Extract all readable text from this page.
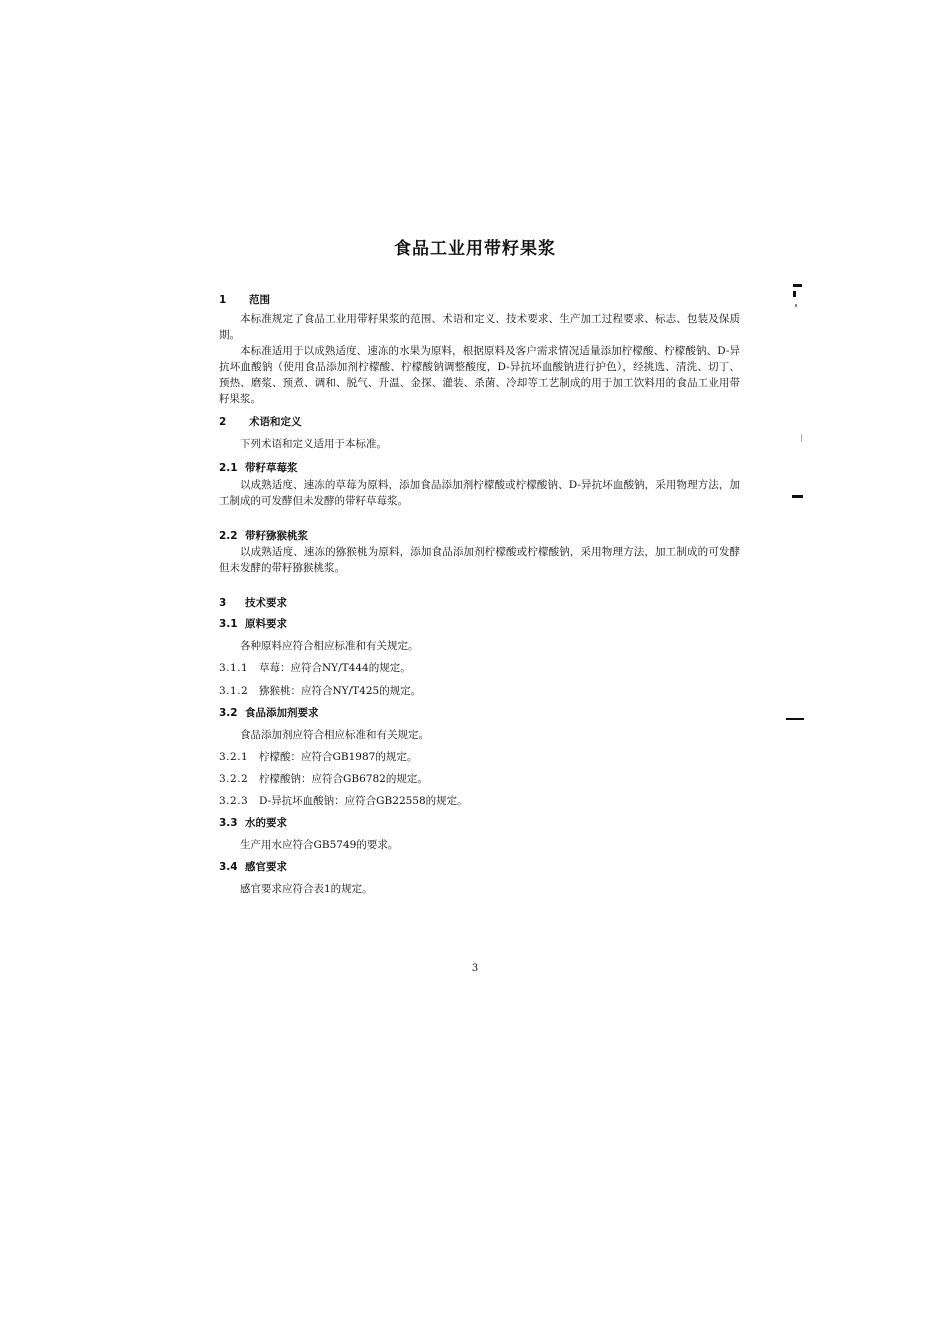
食品工业用带籽果浆
1 范围
本标准规定了食品工业用带籽果浆的范围、术语和定义、技术要求、生产加工过程要求、标志、包装及保质期。
本标准适用于以成熟适度、速冻的水果为原料，根据原料及客户需求情况适量添加柠檬酸、柠檬酸钠、D-异抗坏血酸钠（使用食品添加剂柠檬酸、柠檬酸钠调整酸度，D-异抗坏血酸钠进行护色），经挑选、清洗、切丁、预热、磨浆、预煮、调和、脱气、升温、金探、灌装、杀菌、冷却等工艺制成的用于加工饮料用的食品工业用带籽果浆。
2 术语和定义
下列术语和定义适用于本标准。
2.1 带籽草莓浆
以成熟适度、速冻的草莓为原料，添加食品添加剂柠檬酸或柠檬酸钠、D-异抗坏血酸钠，采用物理方法，加工制成的可发酵但未发酵的带籽草莓浆。
2.2 带籽猕猴桃浆
以成熟适度、速冻的猕猴桃为原料，添加食品添加剂柠檬酸或柠檬酸钠，采用物理方法，加工制成的可发酵但未发酵的带籽猕猴桃浆。
3 技术要求
3.1 原料要求
各种原料应符合相应标准和有关规定。
3.1.1 草莓：应符合NY/T444的规定。
3.1.2 猕猴桃：应符合NY/T425的规定。
3.2 食品添加剂要求
食品添加剂应符合相应标准和有关规定。
3.2.1 柠檬酸：应符合GB1987的规定。
3.2.2 柠檬酸钠：应符合GB6782的规定。
3.2.3 D-异抗坏血酸钠：应符合GB22558的规定。
3.3 水的要求
生产用水应符合GB5749的要求。
3.4 感官要求
感官要求应符合表1的规定。
3
